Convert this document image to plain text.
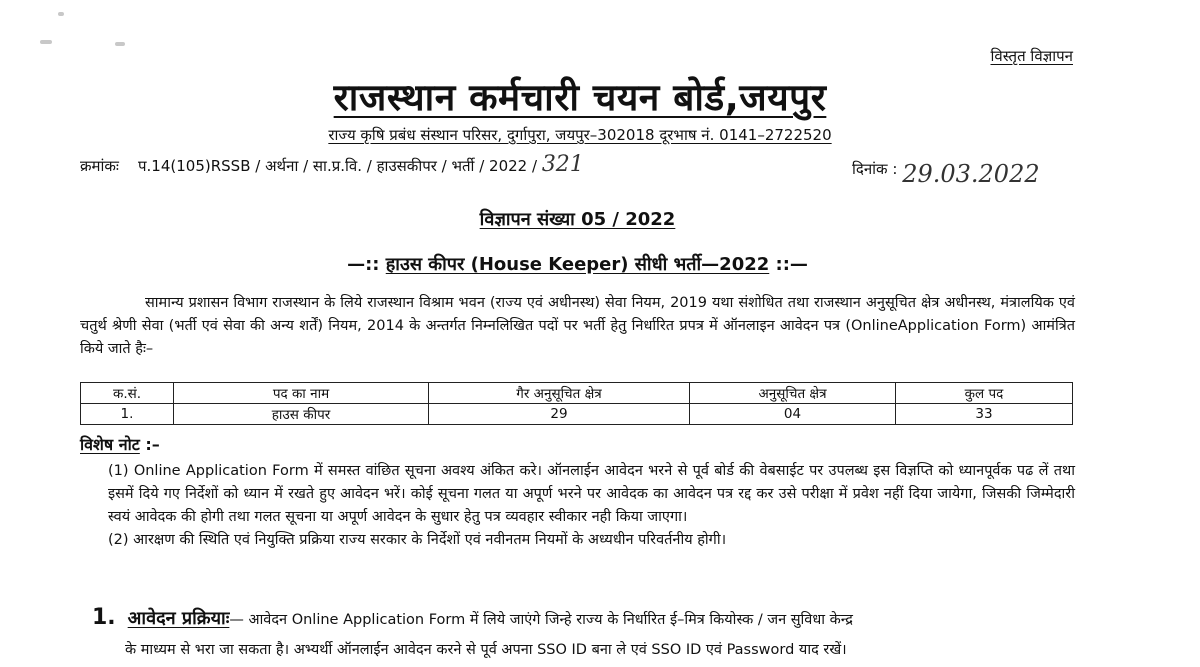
विस्तृत विज्ञापन
राजस्थान कर्मचारी चयन बोर्ड,जयपुर
राज्य कृषि प्रबंध संस्थान परिसर, दुर्गापुरा, जयपुर–302018 दूरभाष नं. 0141–2722520
क्रमांकः प.14(105)RSSB / अर्थना / सा.प्र.वि. / हाउसकीपर / भर्ती / 2022 / 321	दिनांक : 29.03.2022
विज्ञापन संख्या 05 / 2022
—:: हाउस कीपर (House Keeper) सीधी भर्ती—2022 ::—
सामान्य प्रशासन विभाग राजस्थान के लिये राजस्थान विश्राम भवन (राज्य एवं अधीनस्थ) सेवा नियम, 2019 यथा संशोधित तथा राजस्थान अनुसूचित क्षेत्र अधीनस्थ, मंत्रालयिक एवं चतुर्थ श्रेणी सेवा (भर्ती एवं सेवा की अन्य शर्तें) नियम, 2014 के अन्तर्गत निम्नलिखित पदों पर भर्ती हेतु निर्धारित प्रपत्र में ऑनलाइन आवेदन पत्र (OnlineApplication Form) आमंत्रित किये जाते हैः–
क.सं.	पद का नाम	गैर अनुसूचित क्षेत्र	अनुसूचित क्षेत्र	कुल पद
1.	हाउस कीपर	29	04	33
विशेष नोट :–

(1) Online Application Form में समस्त वांछित सूचना अवश्य अंकित करे। ऑनलाईन आवेदन भरने से पूर्व बोर्ड की वेबसाईट पर उपलब्ध इस विज्ञप्ति को ध्यानपूर्वक पढ लें तथा इसमें दिये गए निर्देशों को ध्यान में रखते हुए आवेदन भरें। कोई सूचना गलत या अपूर्ण भरने पर आवेदक का आवेदन पत्र रद्द कर उसे परीक्षा में प्रवेश नहीं दिया जायेगा, जिसकी जिम्मेदारी स्वयं आवेदक की होगी तथा गलत सूचना या अपूर्ण आवेदन के सुधार हेतु पत्र व्यवहार स्वीकार नही किया जाएगा।

(2) आरक्षण की स्थिति एवं नियुक्ति प्रक्रिया राज्य सरकार के निर्देशों एवं नवीनतम नियमों के अध्यधीन परिवर्तनीय होगी।

1. आवेदन प्रक्रियाः— आवेदन Online Application Form में लिये जाएंगे जिन्हे राज्य के निर्धारित ई–मित्र कियोस्क / जन सुविधा केन्द्र
के माध्यम से भरा जा सकता है। अभ्यर्थी ऑनलाईन आवेदन करने से पूर्व अपना SSO ID बना ले एवं SSO ID एवं Password याद रखें।
